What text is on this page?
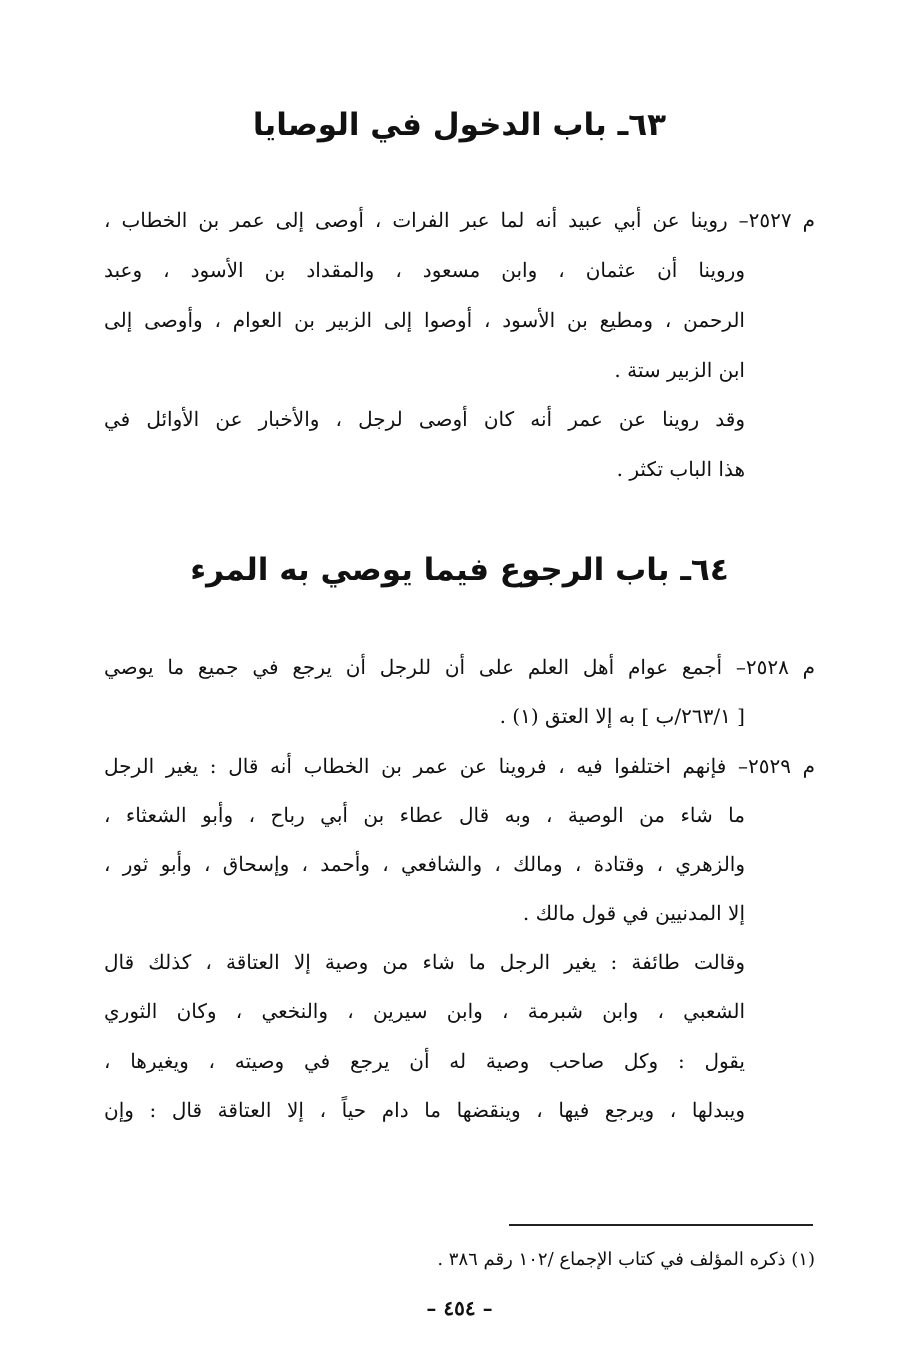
٦٣ـ باب الدخول في الوصايا
م ٢٥٢٧– روينا عن أبي عبيد أنه لما عبر الفرات ، أوصى إلى عمر بن الخطاب ،
وروينا أن عثمان ، وابن مسعود ، والمقداد بن الأسود ، وعبد
الرحمن ، ومطيع بن الأسود ، أوصوا إلى الزبير بن العوام ، وأوصى إلى
ابن الزبير ستة .
وقد روينا عن عمر أنه كان أوصى لرجل ، والأخبار عن الأوائل في
هذا الباب تكثر .
٦٤ـ باب الرجوع فيما يوصي به المرء
م ٢٥٢٨– أجمع عوام أهل العلم على أن للرجل أن يرجع في جميع ما يوصي
[ ٢٦٣/١/ب ] به إلا العتق (١) .
م ٢٥٢٩– فإنهم اختلفوا فيه ، فروينا عن عمر بن الخطاب أنه قال : يغير الرجل
ما شاء من الوصية ، وبه قال عطاء بن أبي رباح ، وأبو الشعثاء ،
والزهري ، وقتادة ، ومالك ، والشافعي ، وأحمد ، وإسحاق ، وأبو ثور ،
إلا المدنيين في قول مالك .
وقالت طائفة : يغير الرجل ما شاء من وصية إلا العتاقة ، كذلك قال
الشعبي ، وابن شبرمة ، وابن سيرين ، والنخعي ، وكان الثوري
يقول : وكل صاحب وصية له أن يرجع في وصيته ، ويغيرها ،
ويبدلها ، ويرجع فيها ، وينقضها ما دام حياً ، إلا العتاقة قال : وإن
(١) ذكره المؤلف في كتاب الإجماع /١٠٢ رقم ٣٨٦ .
– ٤٥٤ –
